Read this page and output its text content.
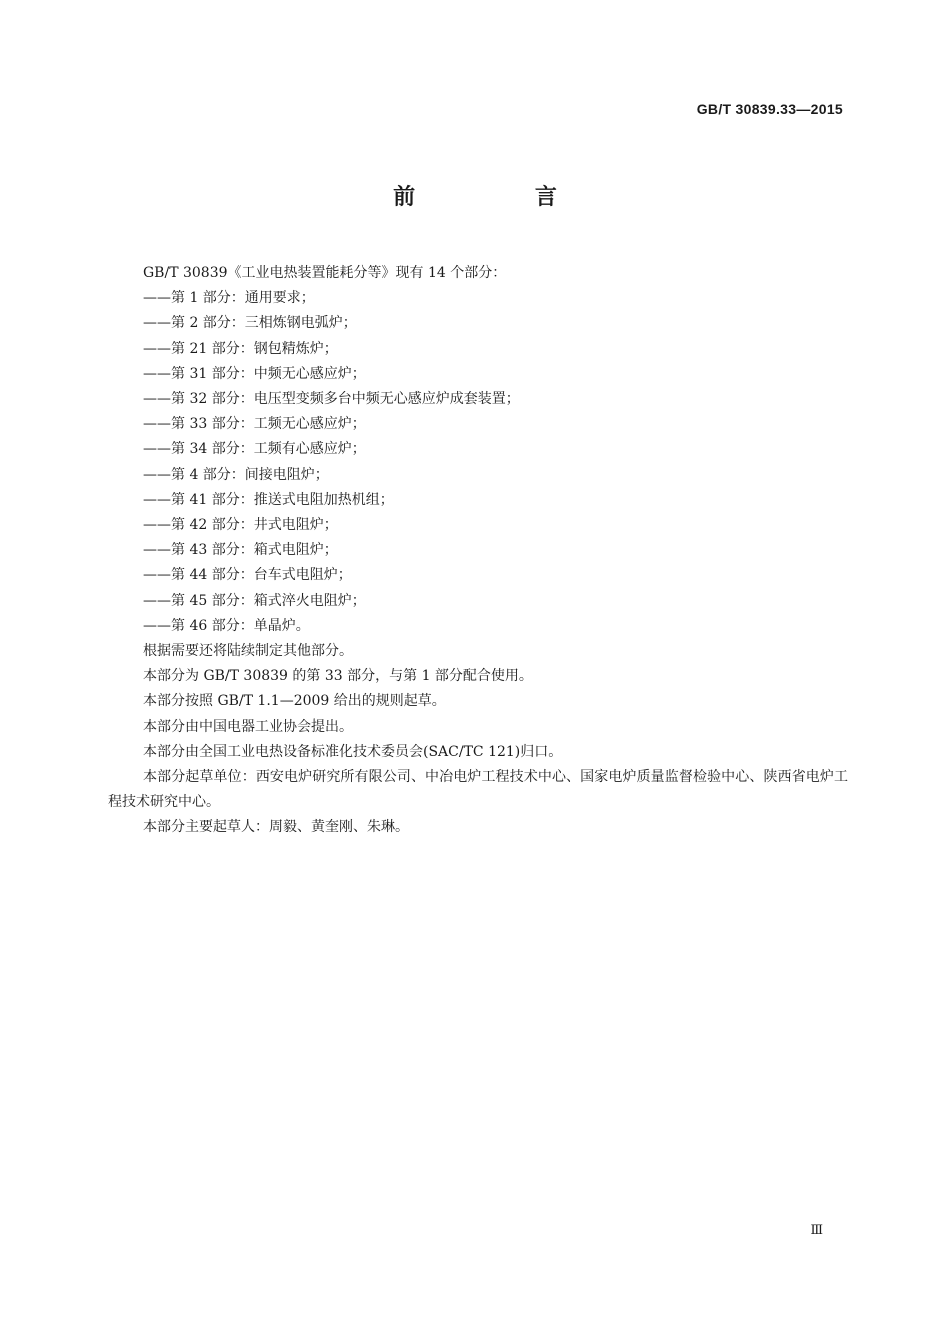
GB/T 30839.33—2015
前 言

GB/T 30839《工业电热装置能耗分等》现有 14 个部分：

——第 1 部分：通用要求；

——第 2 部分：三相炼钢电弧炉；

——第 21 部分：钢包精炼炉；

——第 31 部分：中频无心感应炉；

——第 32 部分：电压型变频多台中频无心感应炉成套装置；

——第 33 部分：工频无心感应炉；

——第 34 部分：工频有心感应炉；

——第 4 部分：间接电阻炉；

——第 41 部分：推送式电阻加热机组；

——第 42 部分：井式电阻炉；

——第 43 部分：箱式电阻炉；

——第 44 部分：台车式电阻炉；

——第 45 部分：箱式淬火电阻炉；

——第 46 部分：单晶炉。

根据需要还将陆续制定其他部分。

本部分为 GB/T 30839 的第 33 部分，与第 1 部分配合使用。

本部分按照 GB/T 1.1—2009 给出的规则起草。

本部分由中国电器工业协会提出。

本部分由全国工业电热设备标准化技术委员会(SAC/TC 121)归口。

本部分起草单位：西安电炉研究所有限公司、中冶电炉工程技术中心、国家电炉质量监督检验中心、陕西省电炉工程技术研究中心。

本部分主要起草人：周毅、黄奎刚、朱琳。

Ⅲ
